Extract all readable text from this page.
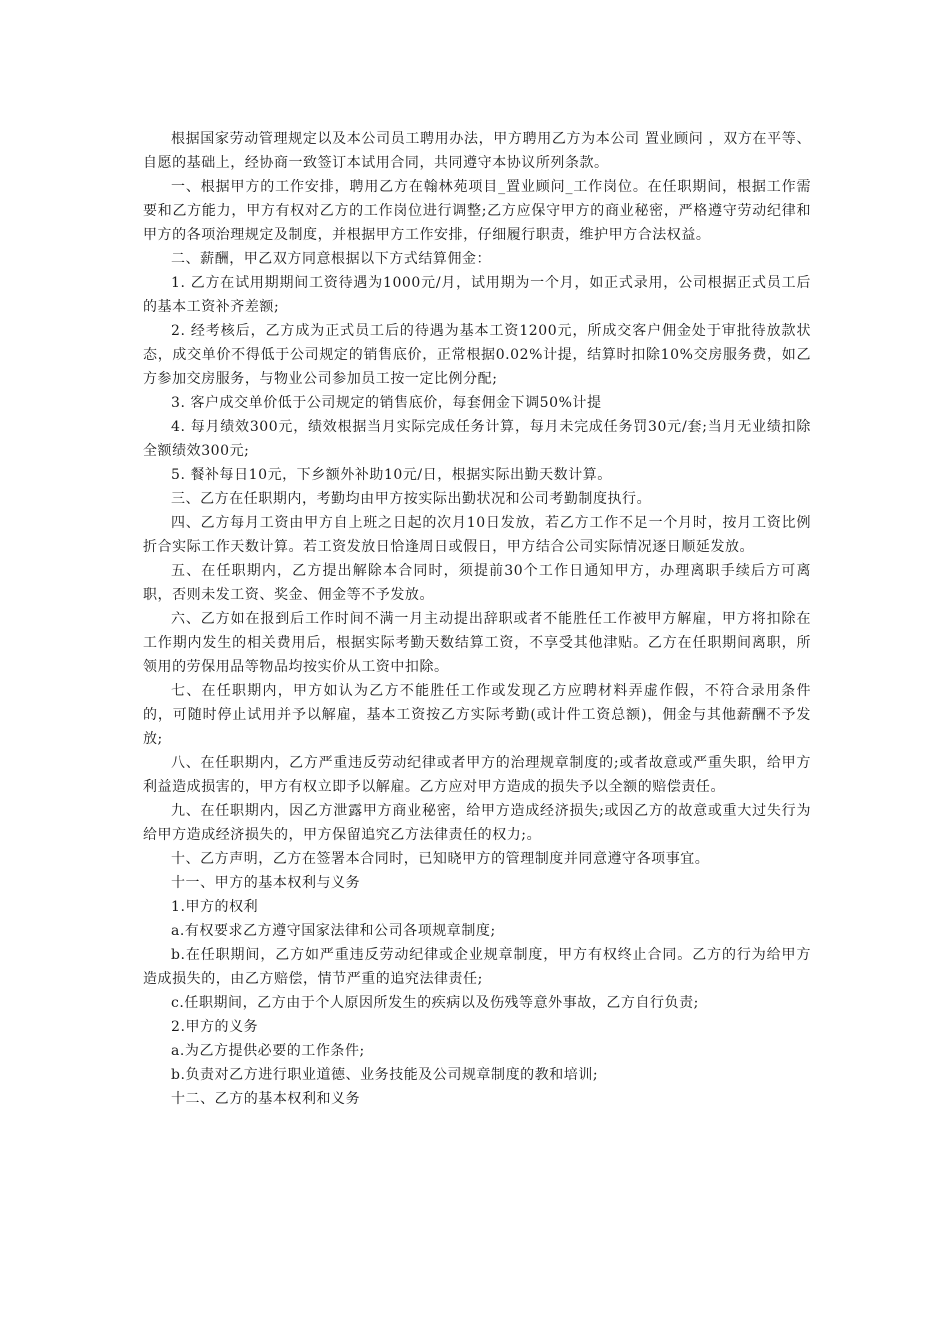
根据国家劳动管理规定以及本公司员工聘用办法，甲方聘用乙方为本公司 置业顾问 ，双方在平等、自愿的基础上，经协商一致签订本试用合同，共同遵守本协议所列条款。

一、根据甲方的工作安排，聘用乙方在翰林苑项目_置业顾问_工作岗位。在任职期间，根据工作需要和乙方能力，甲方有权对乙方的工作岗位进行调整;乙方应保守甲方的商业秘密，严格遵守劳动纪律和甲方的各项治理规定及制度，并根据甲方工作安排，仔细履行职责，维护甲方合法权益。

二、薪酬，甲乙双方同意根据以下方式结算佣金：

1. 乙方在试用期期间工资待遇为1000元/月，试用期为一个月，如正式录用，公司根据正式员工后的基本工资补齐差额;

2. 经考核后，乙方成为正式员工后的待遇为基本工资1200元，所成交客户佣金处于审批待放款状态，成交单价不得低于公司规定的销售底价，正常根据0.02%计提，结算时扣除10%交房服务费，如乙方参加交房服务，与物业公司参加员工按一定比例分配;

3. 客户成交单价低于公司规定的销售底价，每套佣金下调50%计提

4. 每月绩效300元，绩效根据当月实际完成任务计算，每月未完成任务罚30元/套;当月无业绩扣除全额绩效300元;

5. 餐补每日10元，下乡额外补助10元/日，根据实际出勤天数计算。

三、乙方在任职期内，考勤均由甲方按实际出勤状况和公司考勤制度执行。

四、乙方每月工资由甲方自上班之日起的次月10日发放，若乙方工作不足一个月时，按月工资比例折合实际工作天数计算。若工资发放日恰逢周日或假日，甲方结合公司实际情况逐日顺延发放。

五、在任职期内，乙方提出解除本合同时，须提前30个工作日通知甲方，办理离职手续后方可离职，否则未发工资、奖金、佣金等不予发放。

六、乙方如在报到后工作时间不满一月主动提出辞职或者不能胜任工作被甲方解雇，甲方将扣除在工作期内发生的相关费用后，根据实际考勤天数结算工资，不享受其他津贴。乙方在任职期间离职，所领用的劳保用品等物品均按实价从工资中扣除。

七、在任职期内，甲方如认为乙方不能胜任工作或发现乙方应聘材料弄虚作假，不符合录用条件的，可随时停止试用并予以解雇，基本工资按乙方实际考勤(或计件工资总额)，佣金与其他薪酬不予发放;

八、在任职期内，乙方严重违反劳动纪律或者甲方的治理规章制度的;或者故意或严重失职，给甲方利益造成损害的，甲方有权立即予以解雇。乙方应对甲方造成的损失予以全额的赔偿责任。

九、在任职期内，因乙方泄露甲方商业秘密，给甲方造成经济损失;或因乙方的故意或重大过失行为给甲方造成经济损失的，甲方保留追究乙方法律责任的权力;。

十、乙方声明，乙方在签署本合同时，已知晓甲方的管理制度并同意遵守各项事宜。

十一、甲方的基本权利与义务

1.甲方的权利

a.有权要求乙方遵守国家法律和公司各项规章制度;

b.在任职期间，乙方如严重违反劳动纪律或企业规章制度，甲方有权终止合同。乙方的行为给甲方造成损失的，由乙方赔偿，情节严重的追究法律责任;

c.任职期间，乙方由于个人原因所发生的疾病以及伤残等意外事故，乙方自行负责;

2.甲方的义务

a.为乙方提供必要的工作条件;

b.负责对乙方进行职业道德、业务技能及公司规章制度的教和培训;

十二、乙方的基本权利和义务
